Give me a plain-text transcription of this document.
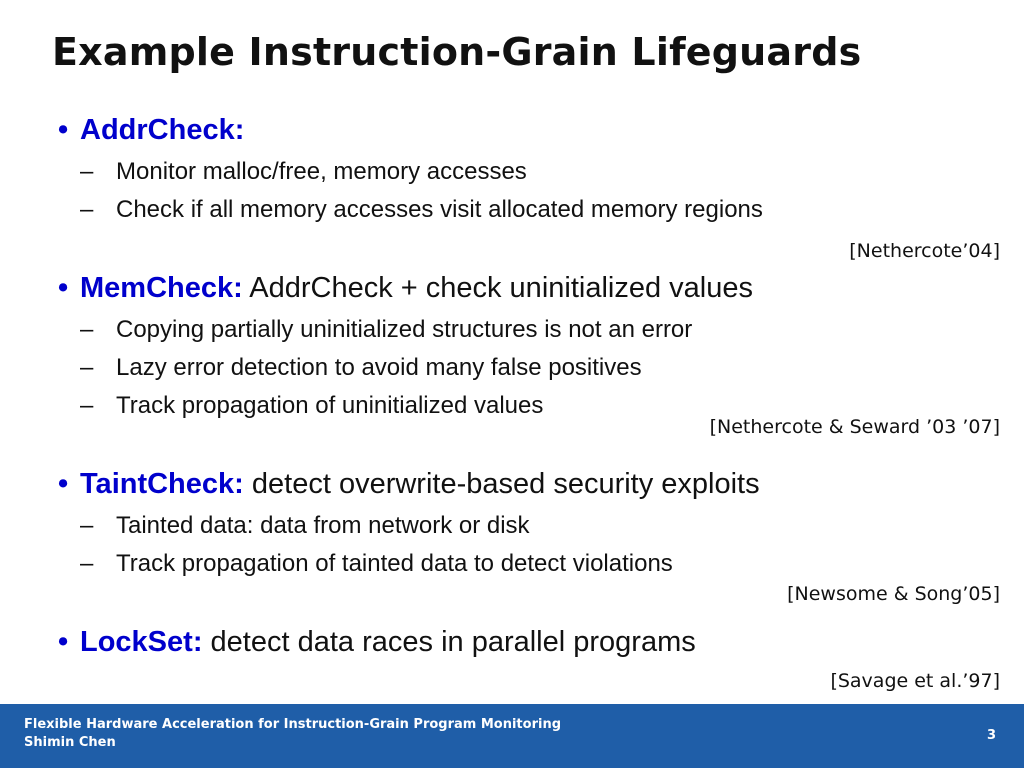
Example Instruction-Grain Lifeguards
• AddrCheck:
– Monitor malloc/free, memory accesses
– Check if all memory accesses visit allocated memory regions
[Nethercote’04]
• MemCheck: AddrCheck + check uninitialized values
– Copying partially uninitialized structures is not an error
– Lazy error detection to avoid many false positives
– Track propagation of uninitialized values
[Nethercote & Seward ’03 ’07]
• TaintCheck: detect overwrite-based security exploits
– Tainted data: data from network or disk
– Track propagation of tainted data to detect violations
[Newsome & Song’05]
• LockSet: detect data races in parallel programs
[Savage et al.’97]
Flexible Hardware Acceleration for Instruction-Grain Program Monitoring
Shimin Chen	3
